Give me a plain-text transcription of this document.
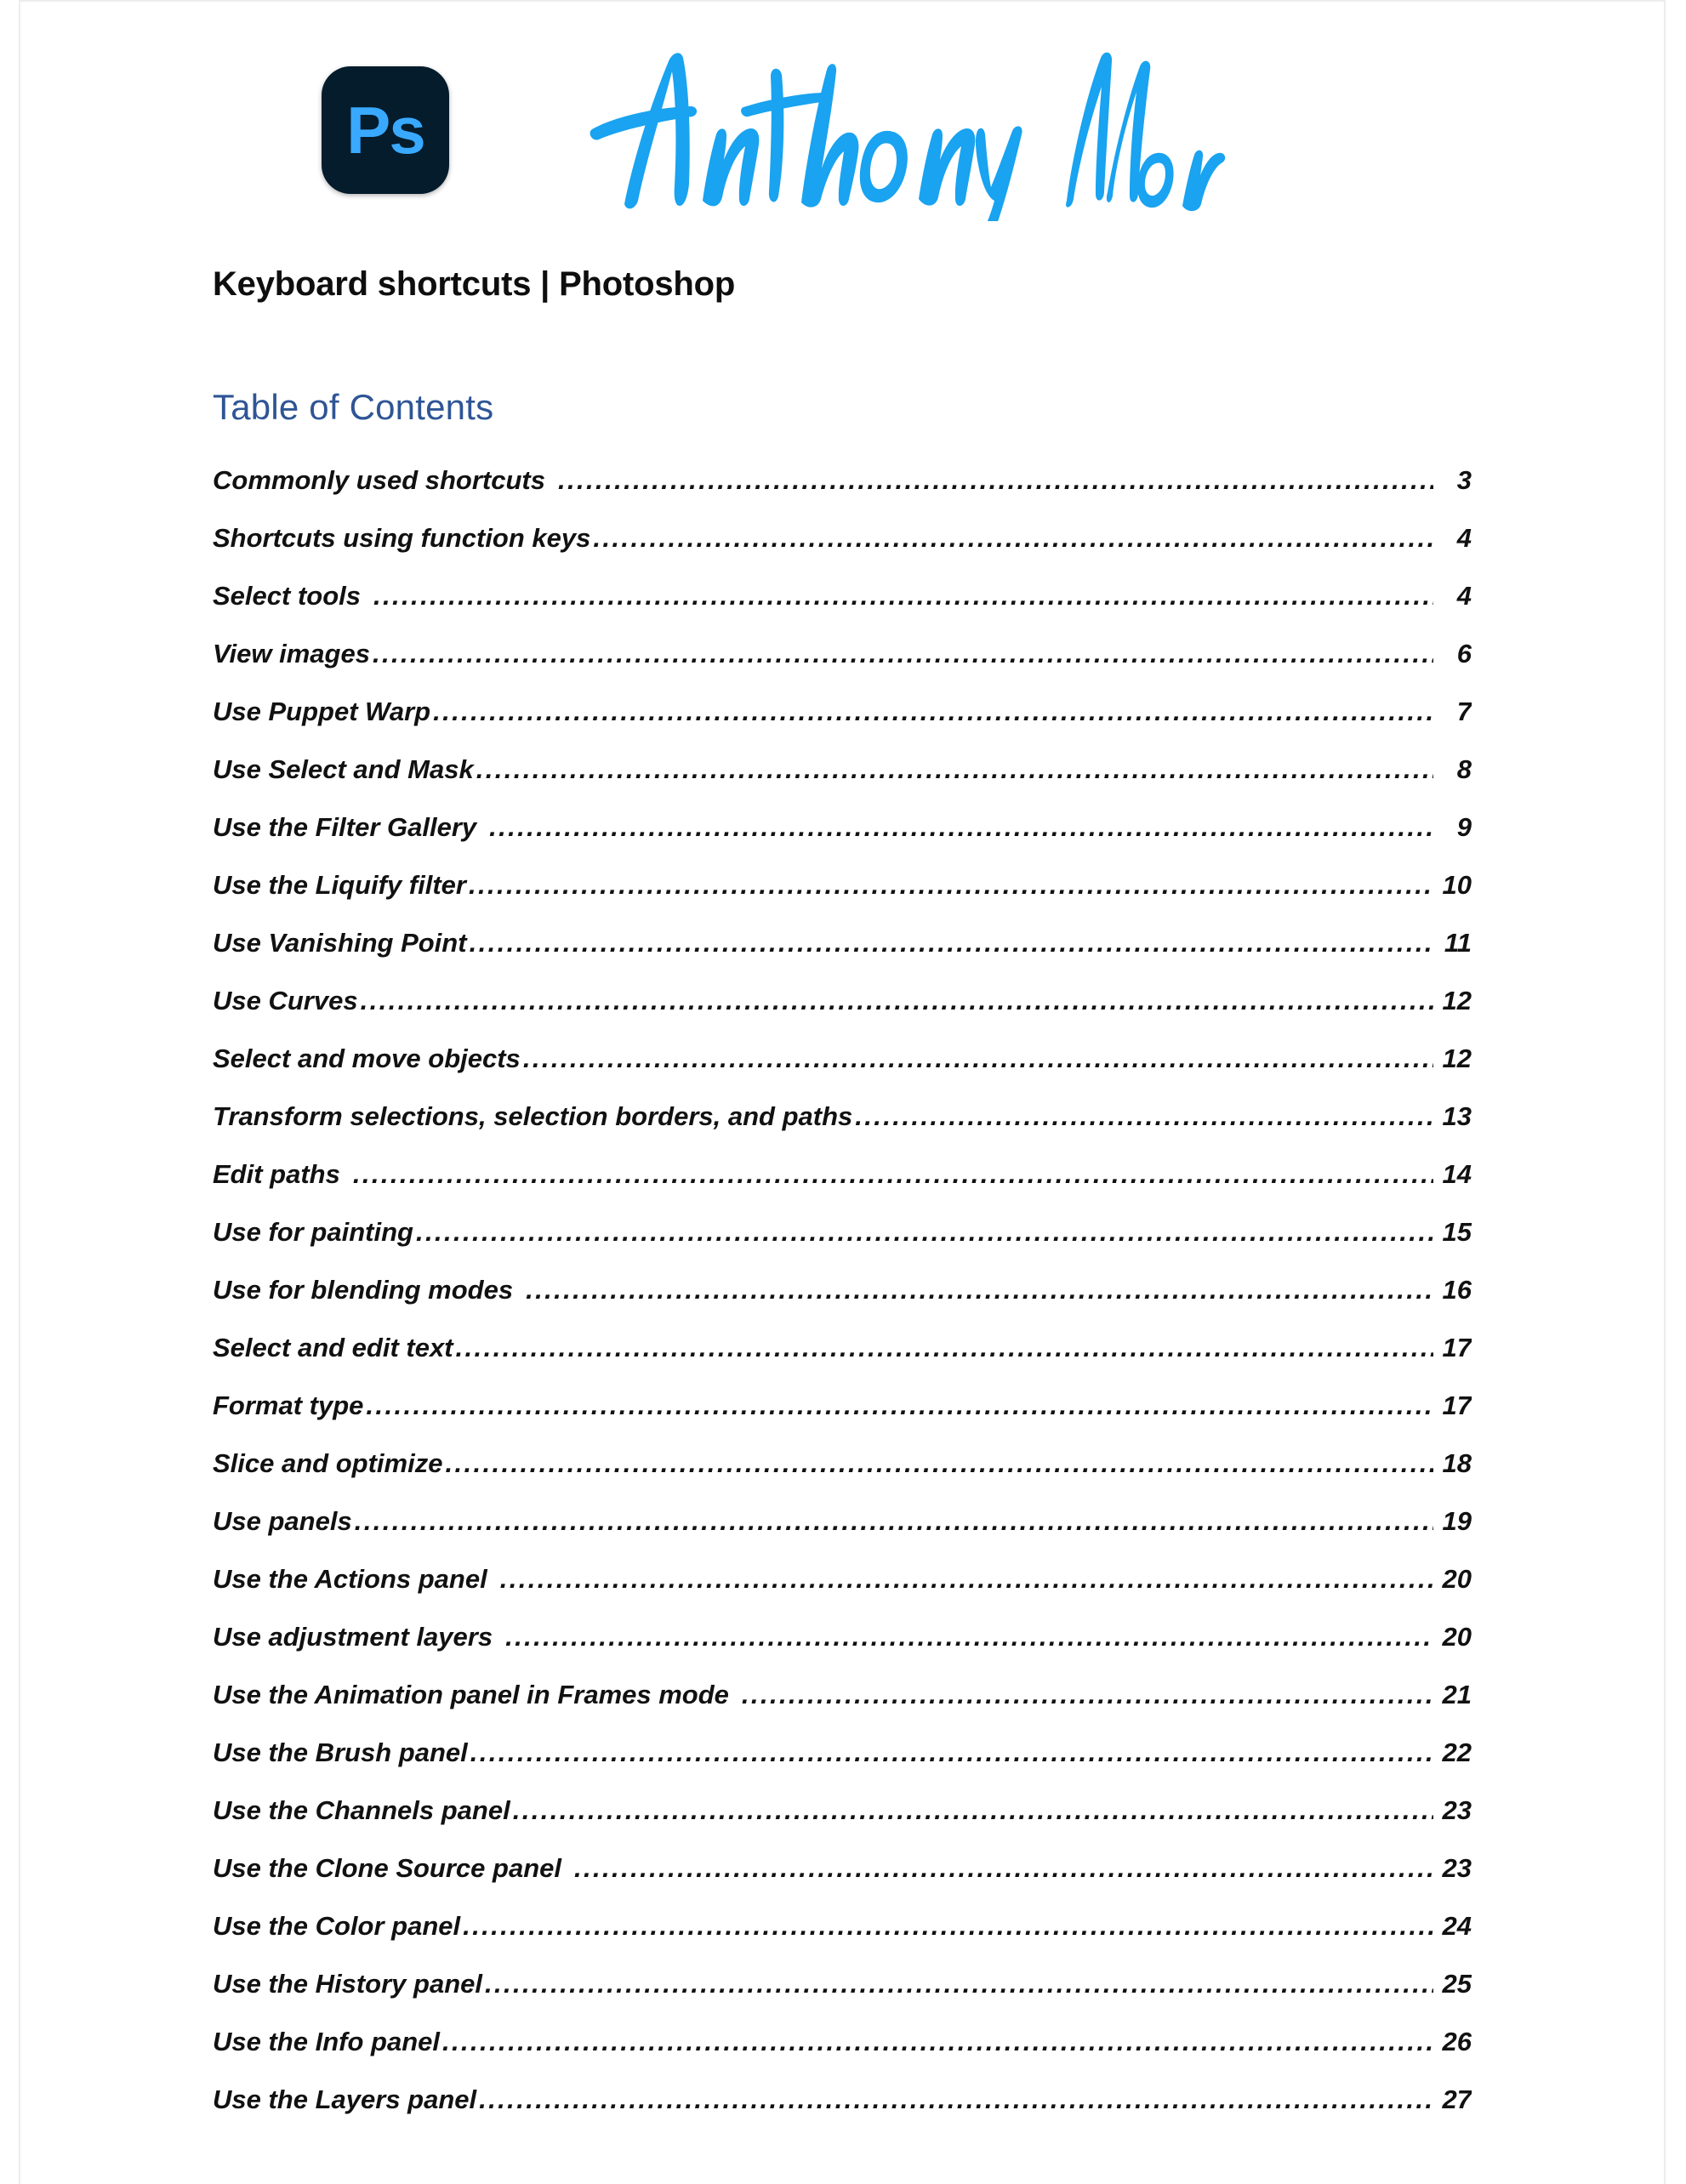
Ps
Keyboard shortcuts | Photoshop
Table of Contents
Commonly used shortcuts .....	3
Shortcuts using function keys .....	4
Select tools .....	4
View images .....	6
Use Puppet Warp .....	7
Use Select and Mask .....	8
Use the Filter Gallery .....	9
Use the Liquify filter .....	10
Use Vanishing Point .....	11
Use Curves .....	12
Select and move objects .....	12
Transform selections, selection borders, and paths .....	13
Edit paths .....	14
Use for painting .....	15
Use for blending modes .....	16
Select and edit text .....	17
Format type .....	17
Slice and optimize .....	18
Use panels .....	19
Use the Actions panel .....	20
Use adjustment layers .....	20
Use the Animation panel in Frames mode .....	21
Use the Brush panel .....	22
Use the Channels panel .....	23
Use the Clone Source panel .....	23
Use the Color panel .....	24
Use the History panel .....	25
Use the Info panel .....	26
Use the Layers panel .....	27
